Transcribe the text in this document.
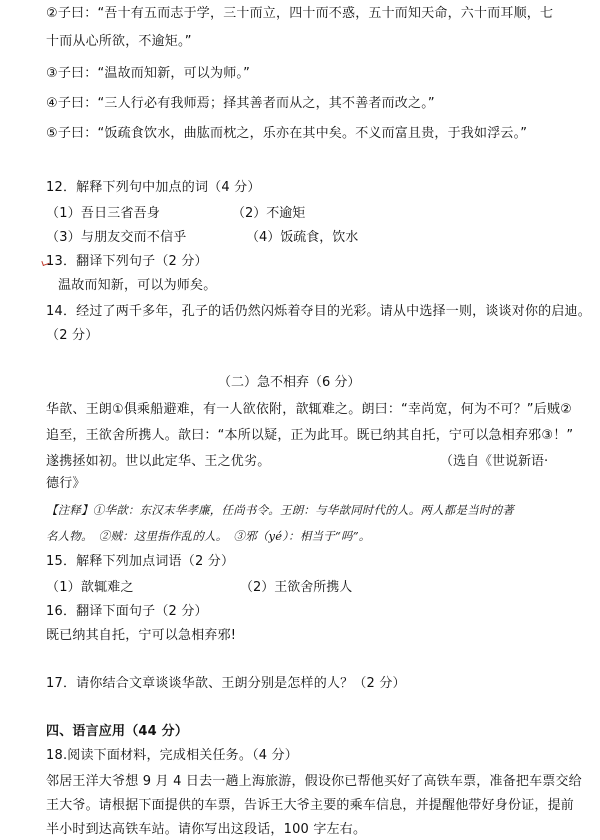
②子曰：“吾十有五而志于学，三十而立，四十而不惑，五十而知天命，六十而耳顺，七
十而从心所欲，不逾矩。”
③子曰：“温故而知新，可以为师。”
④子曰：“三人行必有我师焉；择其善者而从之，其不善者而改之。”
⑤子曰：“饭疏食饮水，曲肱而枕之，乐亦在其中矣。不义而富且贵，于我如浮云。”
12．解释下列句中加点的词（4 分）
（1）吾日三省吾身	（2）不逾矩
（3）与朋友交而不信乎	（4）饭疏食，饮水
13．翻译下列句子（2 分）
温故而知新，可以为师矣。
14．经过了两千多年，孔子的话仍然闪烁着夺目的光彩。请从中选择一则，谈谈对你的启迪。
（2 分）
（二）急不相弃（6 分）
华歆、王朗①俱乘船避难，有一人欲依附，歆辄难之。朗曰：“幸尚宽，何为不可？”后贼②
追至，王欲舍所携人。歆曰：“本所以疑，正为此耳。既已纳其自托，宁可以急相弃邪③！”
遂携拯如初。世以此定华、王之优劣。	（选自《世说新语·
德行》
【注释】①华歆：东汉末华孝廉，任尚书令。王朗：与华歆同时代的人。两人都是当时的著
名人物。　②贼：这里指作乱的人。　③邪（yé）：相当于“吗”。
15．解释下列加点词语（2 分）
（1）歆辄难之	（2）王欲舍所携人
16．翻译下面句子（2 分）
既已纳其自托，宁可以急相弃邪!
17．请你结合文章谈谈华歆、王朗分别是怎样的人？（2 分）
四、语言应用（44 分）
18.阅读下面材料，完成相关任务。（4 分）
邻居王洋大爷想 9 月 4 日去一趟上海旅游，假设你已帮他买好了高铁车票，准备把车票交给
王大爷。请根据下面提供的车票，告诉王大爷主要的乘车信息，并提醒他带好身份证，提前
半小时到达高铁车站。请你写出这段话，100 字左右。
